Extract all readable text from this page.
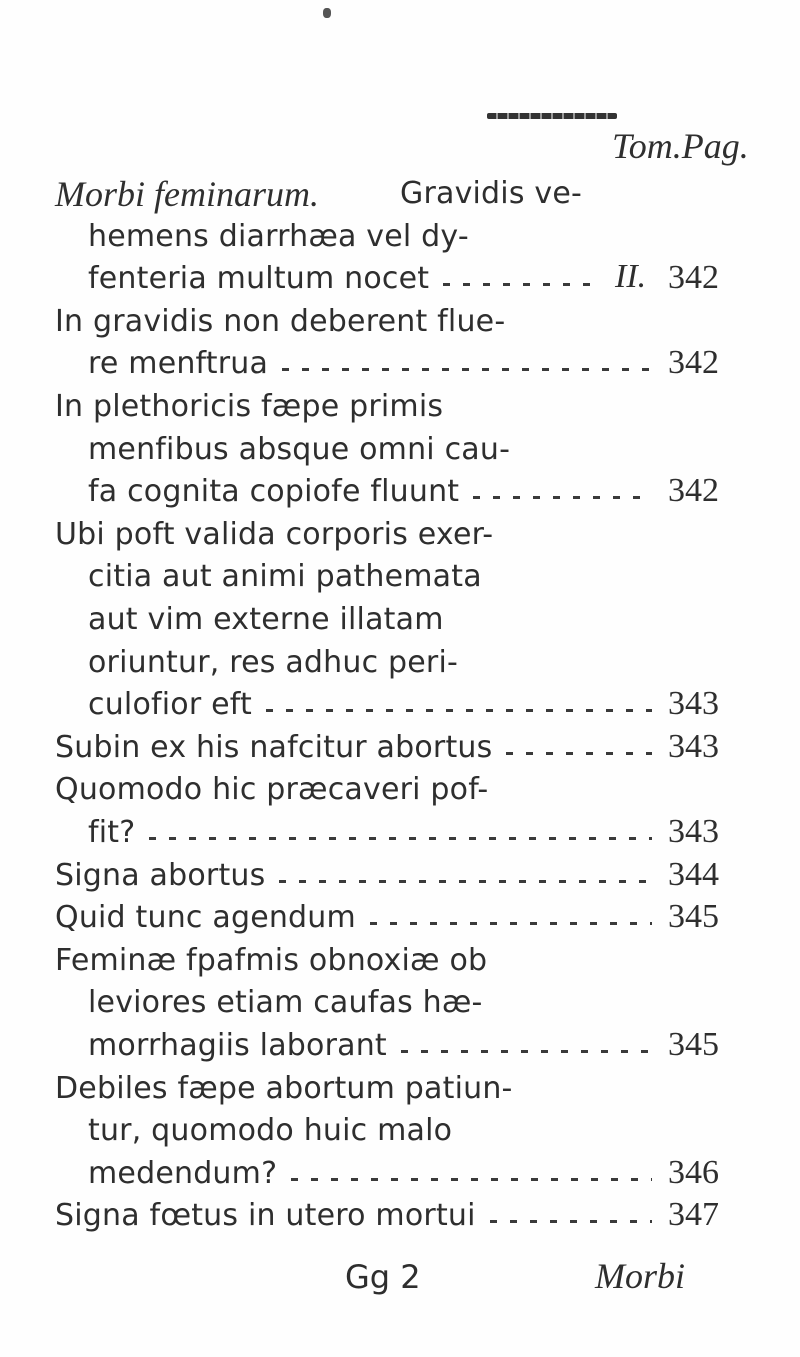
Tom.Pag.
Morbi feminarum.	Gravidis ve-
hemens diarrhæa vel dy-
fenteria multum nocet	II. 342
In gravidis non deberent flue-
re menftrua	342
In plethoricis fæpe primis
menfibus absque omni cau-
fa cognita copiofe fluunt	342
Ubi poft valida corporis exer-
citia aut animi pathemata
aut vim externe illatam
oriuntur, res adhuc peri-
culofior eft	343
Subin ex his nafcitur abortus	343
Quomodo hic præcaveri pof-
fit?	343
Signa abortus	344
Quid tunc agendum	345
Feminæ fpafmis obnoxiæ ob
leviores etiam caufas hæ-
morrhagiis laborant	345
Debiles fæpe abortum patiun-
tur, quomodo huic malo
medendum?	346
Signa fœtus in utero mortui	347
Gg 2	Morbi
